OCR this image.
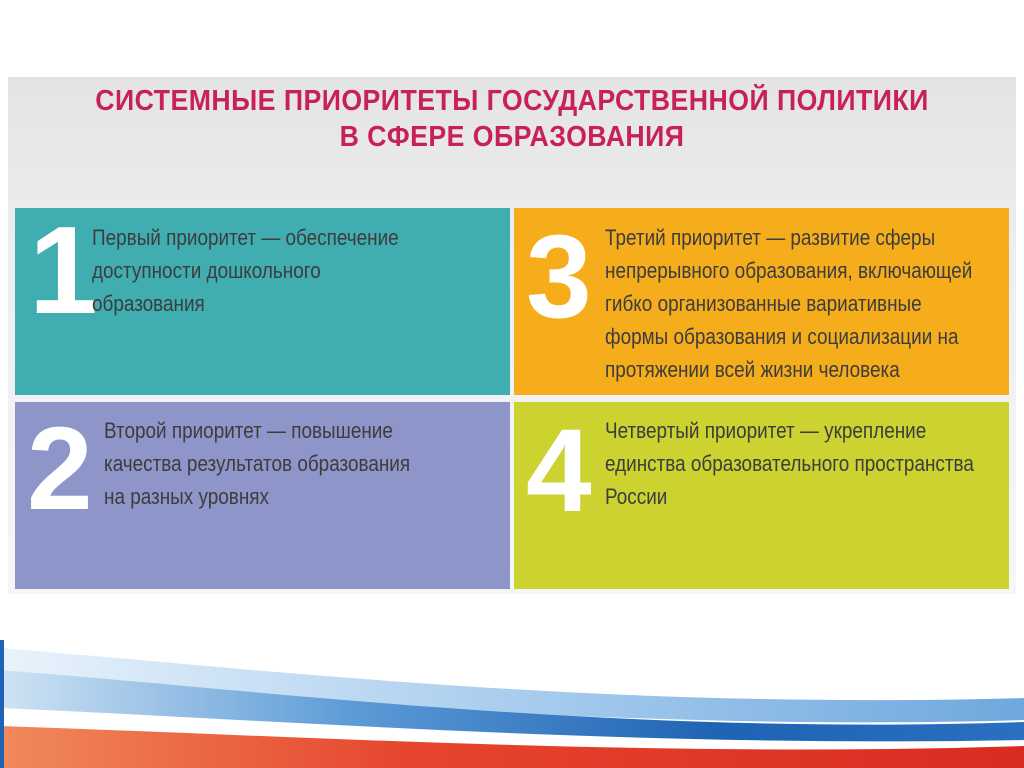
СИСТЕМНЫЕ ПРИОРИТЕТЫ ГОСУДАРСТВЕННОЙ ПОЛИТИКИ
В СФЕРЕ ОБРАЗОВАНИЯ
1
Первый приоритет — обеспечение
доступности дошкольного
образования	3 Третий приоритет — развитие сферы
непрерывного образования, включающей
гибко организованные вариативные
формы образования и социализации на
протяжении всей жизни человека
2 Второй приоритет — повышение
качества результатов образования
на разных уровнях	4 Четвертый приоритет — укрепление
единства образовательного пространства
России
